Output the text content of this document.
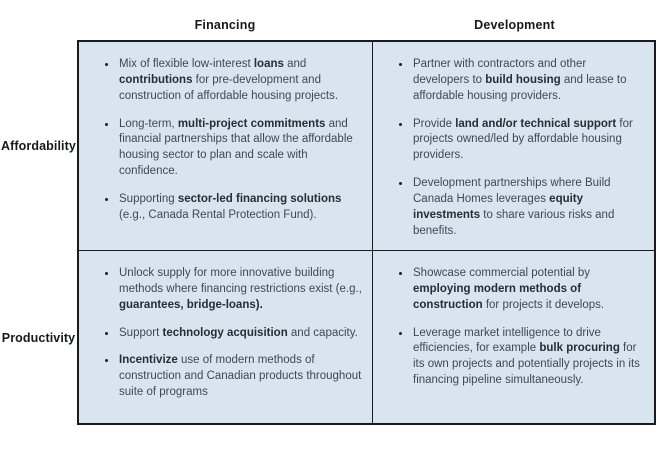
Financing	Development
Affordability
• Mix of flexible low-interest loans and contributions for pre-development and construction of affordable housing projects.
• Long-term, multi-project commitments and financial partnerships that allow the affordable housing sector to plan and scale with confidence.
• Supporting sector-led financing solutions (e.g., Canada Rental Protection Fund).
• Partner with contractors and other developers to build housing and lease to affordable housing providers.
• Provide land and/or technical support for projects owned/led by affordable housing providers.
• Development partnerships where Build Canada Homes leverages equity investments to share various risks and benefits.
Productivity
• Unlock supply for more innovative building methods where financing restrictions exist (e.g., guarantees, bridge-loans).
• Support technology acquisition and capacity.
• Incentivize use of modern methods of construction and Canadian products throughout suite of programs
• Showcase commercial potential by employing modern methods of construction for projects it develops.
• Leverage market intelligence to drive efficiencies, for example bulk procuring for its own projects and potentially projects in its financing pipeline simultaneously.
